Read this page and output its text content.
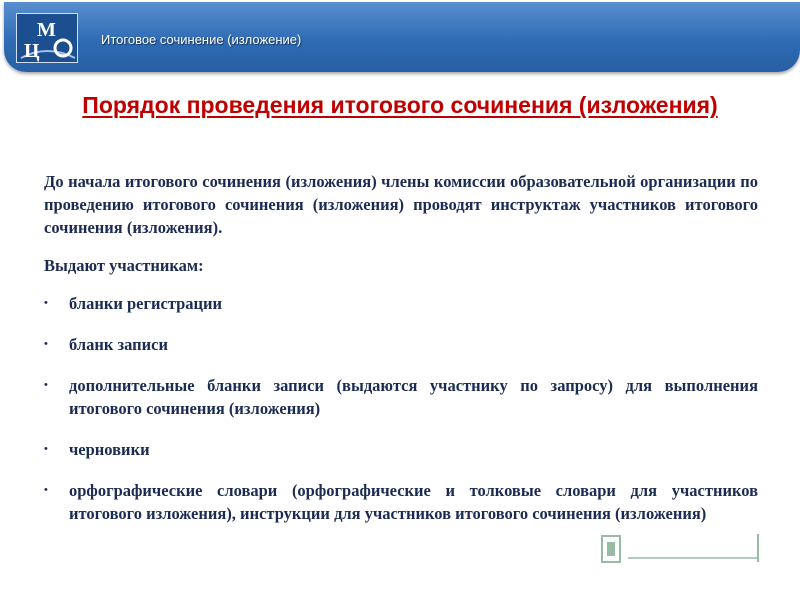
М
Ц
Итоговое сочинение (изложение)
Порядок проведения итогового сочинения (изложения)

До начала итогового сочинения (изложения) члены комиссии образовательной организации по проведению итогового сочинения (изложения) проводят инструктаж участников итогового сочинения (изложения).

Выдают участникам:

•	бланки регистрации
•	бланк записи
•	дополнительные бланки записи (выдаются участнику по запросу) для выполнения итогового сочинения (изложения)
•	черновики
•	орфографические словари (орфографические и толковые словари для участников итогового изложения), инструкции для участников итогового сочинения (изложения)
